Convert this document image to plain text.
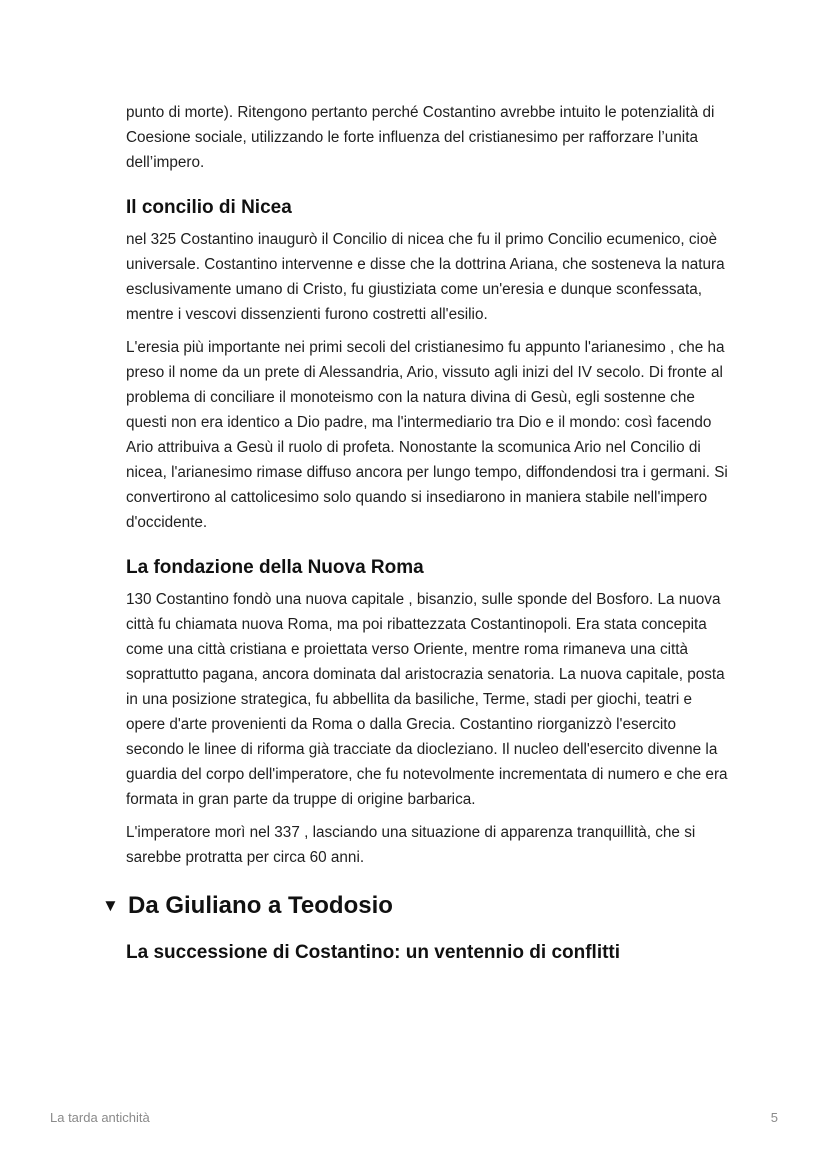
punto di morte). Ritengono pertanto perché Costantino avrebbe intuito le potenzialità di Coesione sociale, utilizzando le forte influenza del cristianesimo per rafforzare l’unita dell’impero.

Il concilio di Nicea

nel 325 Costantino inaugurò il Concilio di nicea che fu il primo Concilio ecumenico, cioè universale. Costantino intervenne e disse che la dottrina Ariana, che sosteneva la natura esclusivamente umano di Cristo, fu giustiziata come un'eresia e dunque sconfessata, mentre i vescovi dissenzienti furono costretti all'esilio.

L'eresia più importante nei primi secoli del cristianesimo fu appunto l'arianesimo , che ha preso il nome da un prete di Alessandria, Ario, vissuto agli inizi del IV secolo. Di fronte al problema di conciliare il monoteismo con la natura divina di Gesù, egli sostenne che questi non era identico a Dio padre, ma l'intermediario tra Dio e il mondo: così facendo Ario attribuiva a Gesù il ruolo di profeta. Nonostante la scomunica Ario nel Concilio di nicea, l'arianesimo rimase diffuso ancora per lungo tempo, diffondendosi tra i germani. Si convertirono al cattolicesimo solo quando si insediarono in maniera stabile nell'impero d'occidente.

La fondazione della Nuova Roma

130 Costantino fondò una nuova capitale , bisanzio, sulle sponde del Bosforo. La nuova città fu chiamata nuova Roma, ma poi ribattezzata Costantinopoli. Era stata concepita come una città cristiana e proiettata verso Oriente, mentre roma rimaneva una città soprattutto pagana, ancora dominata dal aristocrazia senatoria. La nuova capitale, posta in una posizione strategica, fu abbellita da basiliche, Terme, stadi per giochi, teatri e opere d'arte provenienti da Roma o dalla Grecia. Costantino riorganizzò l'esercito secondo le linee di riforma già tracciate da diocleziano. Il nucleo dell'esercito divenne la guardia del corpo dell'imperatore, che fu notevolmente incrementata di numero e che era formata in gran parte da truppe di origine barbarica.

L'imperatore morì nel 337 , lasciando una situazione di apparenza tranquillità, che si sarebbe protratta per circa 60 anni.

▼ Da Giuliano a Teodosio
La successione di Costantino: un ventennio di conflitti
La tarda antichità	5
